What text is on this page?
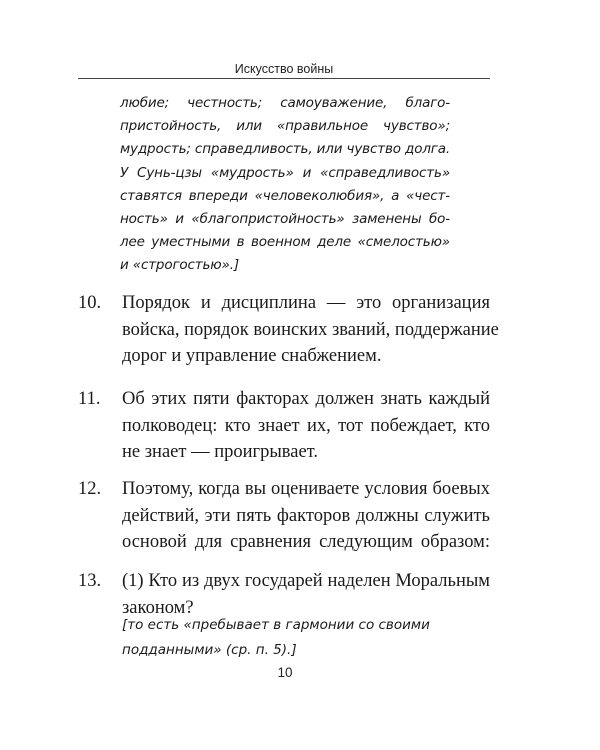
Искусство войны
любие; честность; самоуважение, благо-
пристойность, или «правильное чувство»;
мудрость; справедливость, или чувство долга.
У Сунь-цзы «мудрость» и «справедливость»
ставятся впереди «человеколюбия», а «чест-
ность» и «благопристойность» заменены бо-
лее уместными в военном деле «смелостью»
и «строгостью».]
10.	Порядок и дисциплина — это организация
войска, порядок воинских званий, поддержание
дорог и управление снабжением.
11.	Об этих пяти факторах должен знать каждый
полководец: кто знает их, тот побеждает, кто
не знает — проигрывает.
12.	Поэтому, когда вы оцениваете условия боевых
действий, эти пять факторов должны служить
основой для сравнения следующим образом:
13.	(1) Кто из двух государей наделен Моральным
законом?
[то есть «пребывает в гармонии со своими
подданными» (ср. п. 5).]
10
